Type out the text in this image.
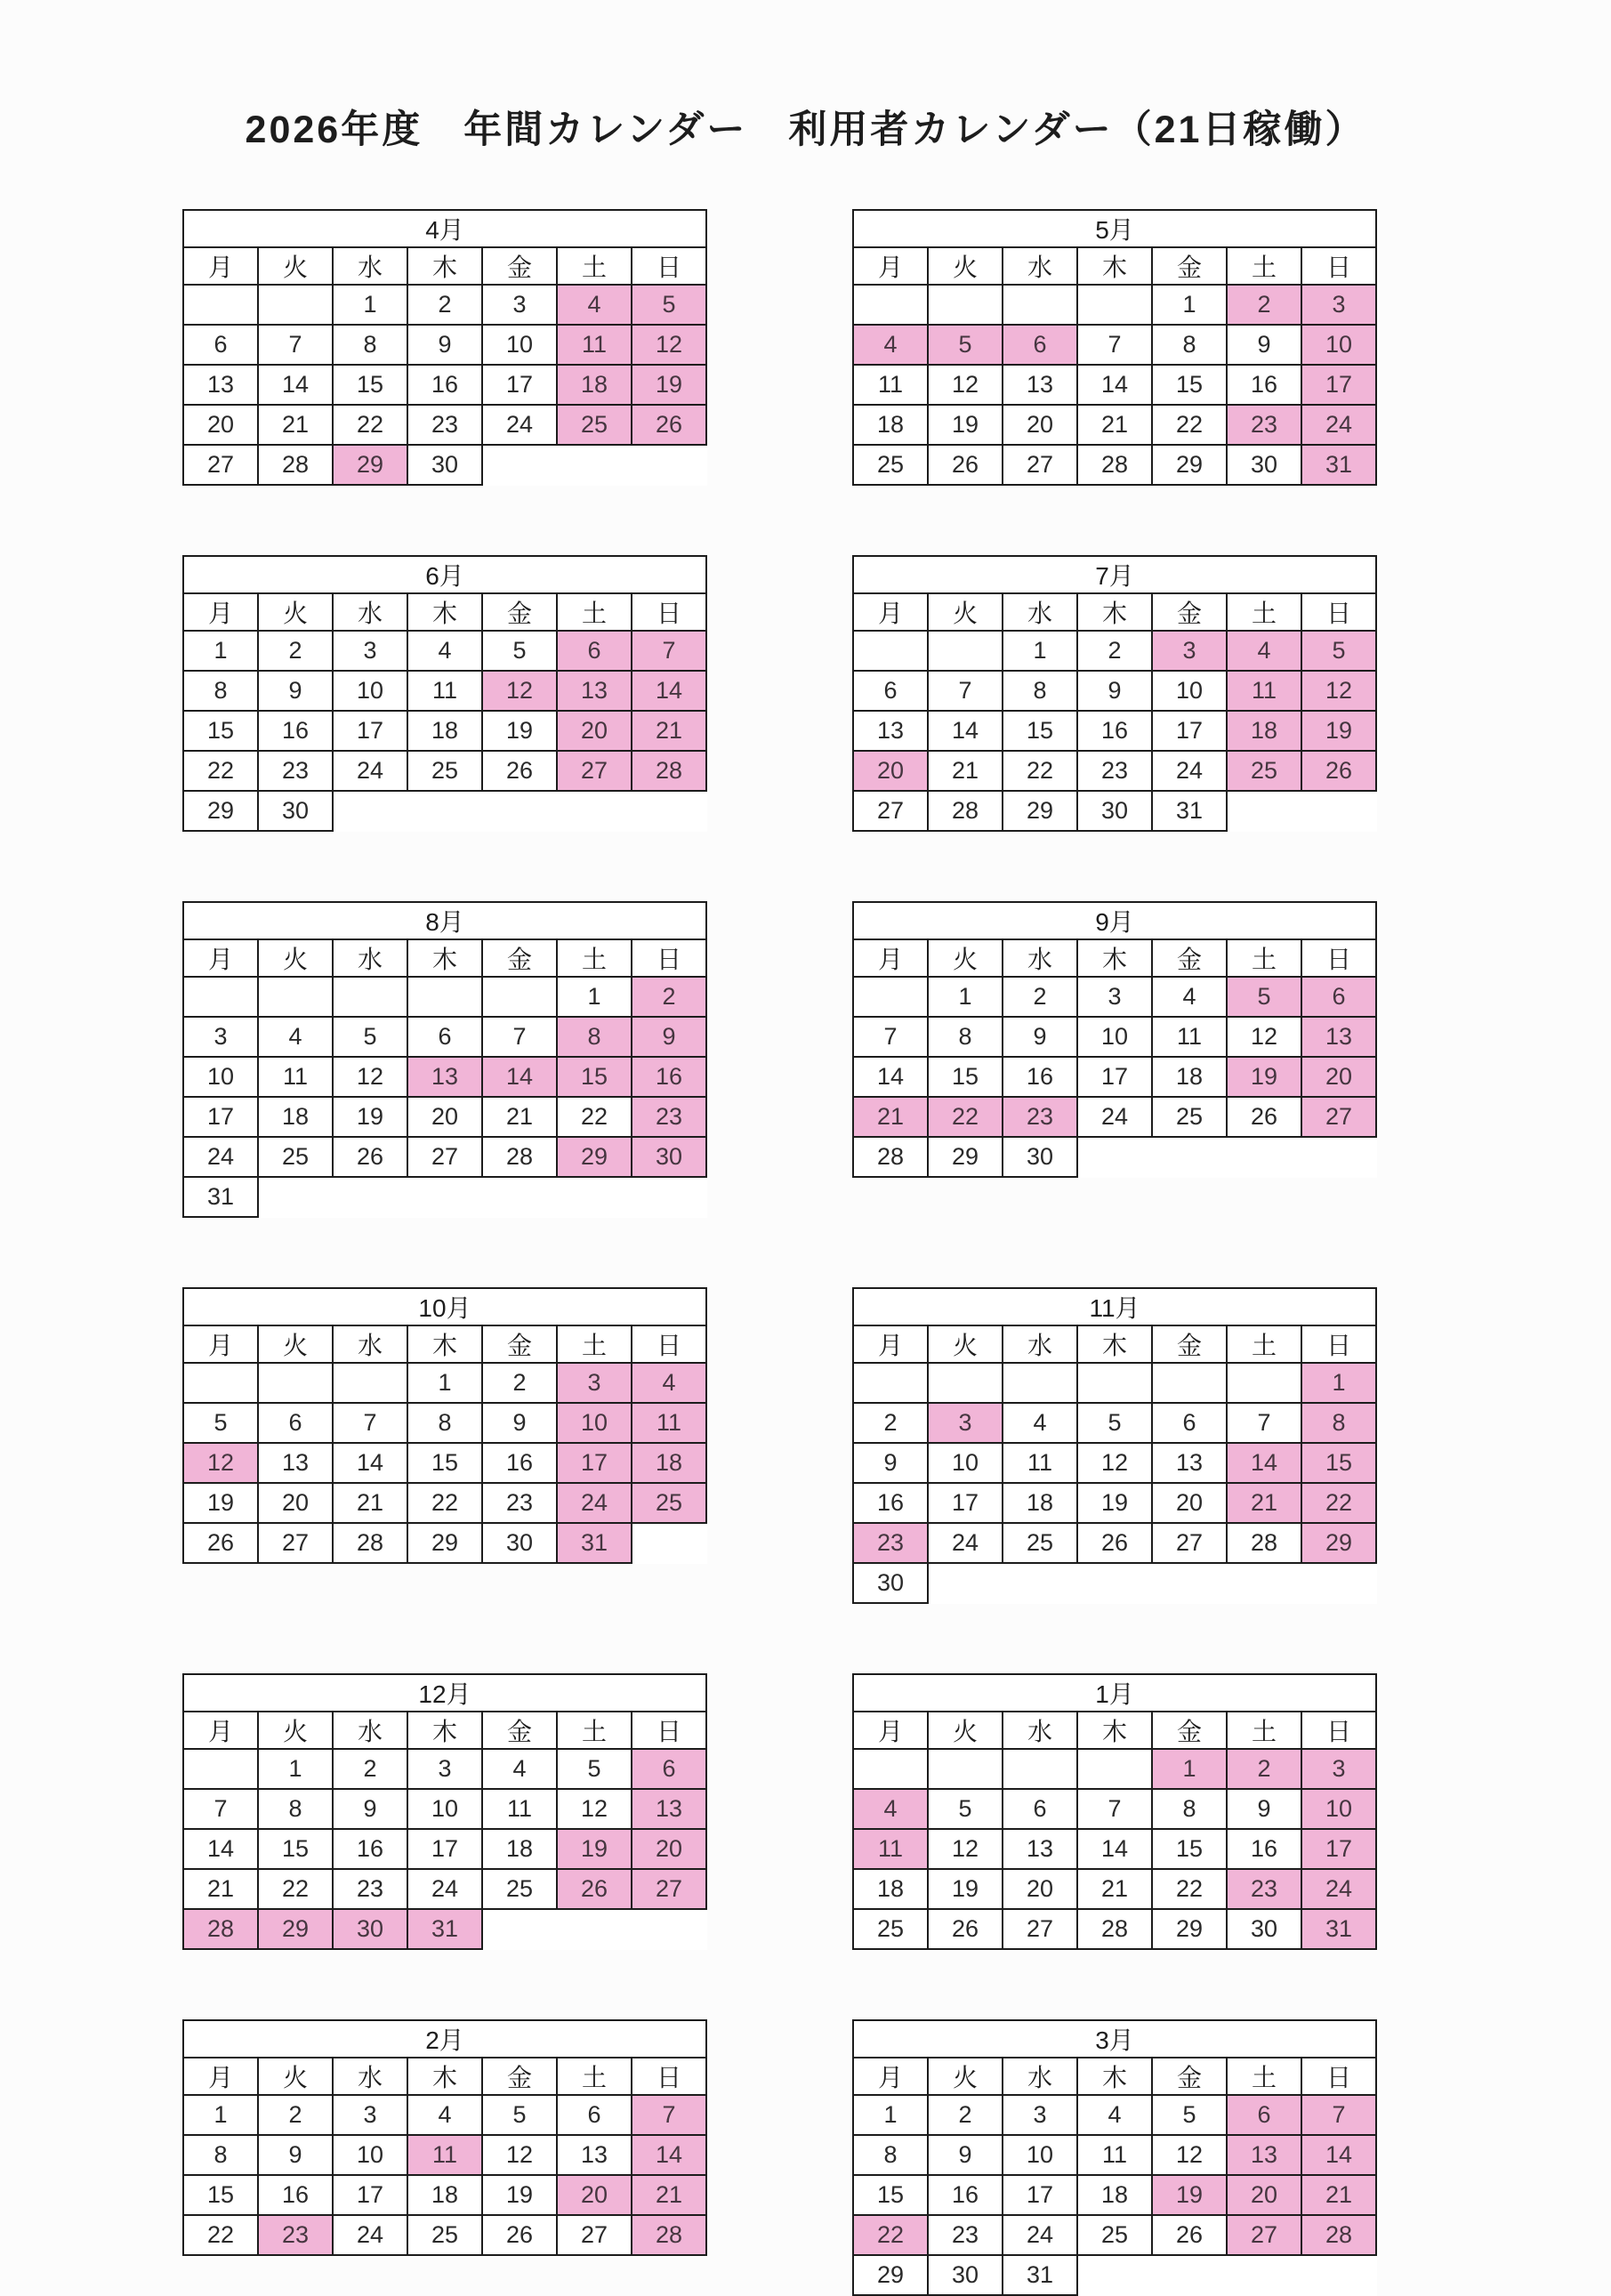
2026年度　年間カレンダー　利用者カレンダー（21日稼働）
4月						
月	火	水	木	金	土	日
		1	2	3	4	5
6	7	8	9	10	11	12
13	14	15	16	17	18	19
20	21	22	23	24	25	26
27	28	29	30			
5月						
月	火	水	木	金	土	日
				1	2	3
4	5	6	7	8	9	10
11	12	13	14	15	16	17
18	19	20	21	22	23	24
25	26	27	28	29	30	31
6月						
月	火	水	木	金	土	日
1	2	3	4	5	6	7
8	9	10	11	12	13	14
15	16	17	18	19	20	21
22	23	24	25	26	27	28
29	30					
7月						
月	火	水	木	金	土	日
		1	2	3	4	5
6	7	8	9	10	11	12
13	14	15	16	17	18	19
20	21	22	23	24	25	26
27	28	29	30	31		
8月						
月	火	水	木	金	土	日
					1	2
3	4	5	6	7	8	9
10	11	12	13	14	15	16
17	18	19	20	21	22	23
24	25	26	27	28	29	30
31						
9月						
月	火	水	木	金	土	日
	1	2	3	4	5	6
7	8	9	10	11	12	13
14	15	16	17	18	19	20
21	22	23	24	25	26	27
28	29	30				
10月						
月	火	水	木	金	土	日
			1	2	3	4
5	6	7	8	9	10	11
12	13	14	15	16	17	18
19	20	21	22	23	24	25
26	27	28	29	30	31	
11月						
月	火	水	木	金	土	日
						1
2	3	4	5	6	7	8
9	10	11	12	13	14	15
16	17	18	19	20	21	22
23	24	25	26	27	28	29
30						
12月						
月	火	水	木	金	土	日
	1	2	3	4	5	6
7	8	9	10	11	12	13
14	15	16	17	18	19	20
21	22	23	24	25	26	27
28	29	30	31			
1月						
月	火	水	木	金	土	日
				1	2	3
4	5	6	7	8	9	10
11	12	13	14	15	16	17
18	19	20	21	22	23	24
25	26	27	28	29	30	31
2月						
月	火	水	木	金	土	日
1	2	3	4	5	6	7
8	9	10	11	12	13	14
15	16	17	18	19	20	21
22	23	24	25	26	27	28
3月						
月	火	水	木	金	土	日
1	2	3	4	5	6	7
8	9	10	11	12	13	14
15	16	17	18	19	20	21
22	23	24	25	26	27	28
29	30	31				
